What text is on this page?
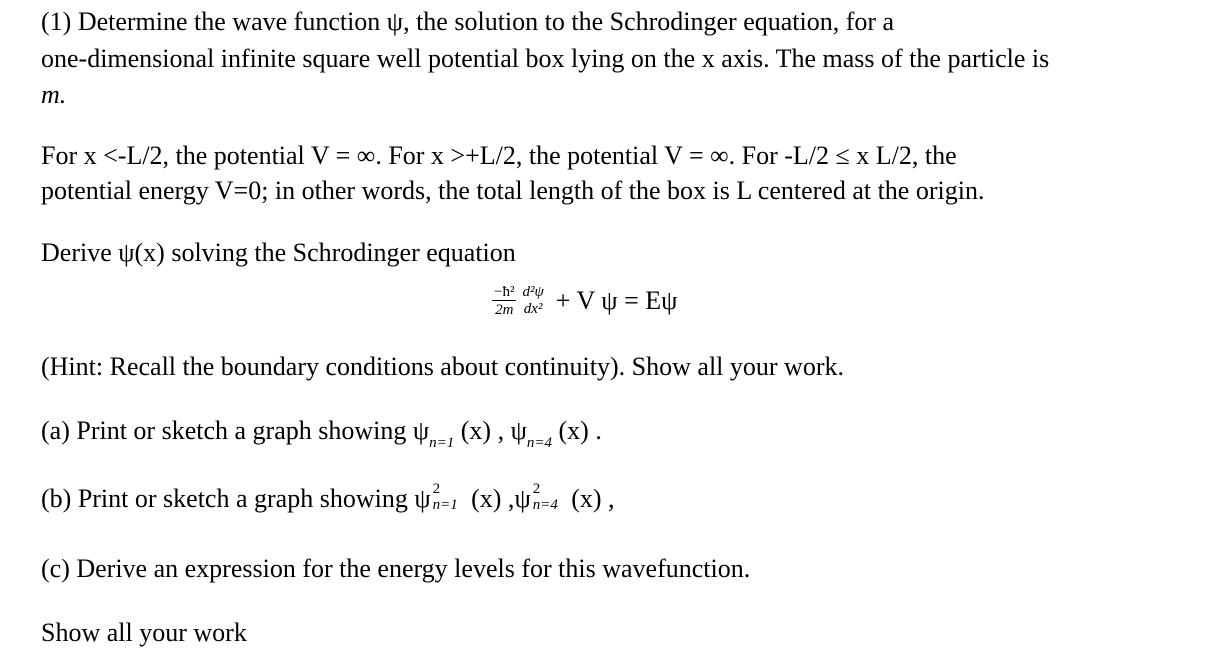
(1) Determine the wave function ψ, the solution to the Schrodinger equation, for a
one-dimensional infinite square well potential box lying on the x axis. The mass of the particle is
m.
For x <-L/2, the potential V = ∞. For x >+L/2, the potential V = ∞. For -L/2 ≤ x L/2, the
potential energy V=0; in other words, the total length of the box is L centered at the origin.
Derive ψ(x) solving the Schrodinger equation
$\frac{\text{−ħ²}}{2m} d^2\psi$
dx² + V ψ = Eψ
(Hint: Recall the boundary conditions about continuity). Show all your work.
(a) Print or sketch a graph showing $\psi_{n=1}$ (x) , $\psi_{n=4}$ (x) .
(b) Print or sketch a graph showing ψ 2
n=1 (x) ,ψ 2
n=4 (x) ,
(c) Derive an expression for the energy levels for this wavefunction.
Show all your work
